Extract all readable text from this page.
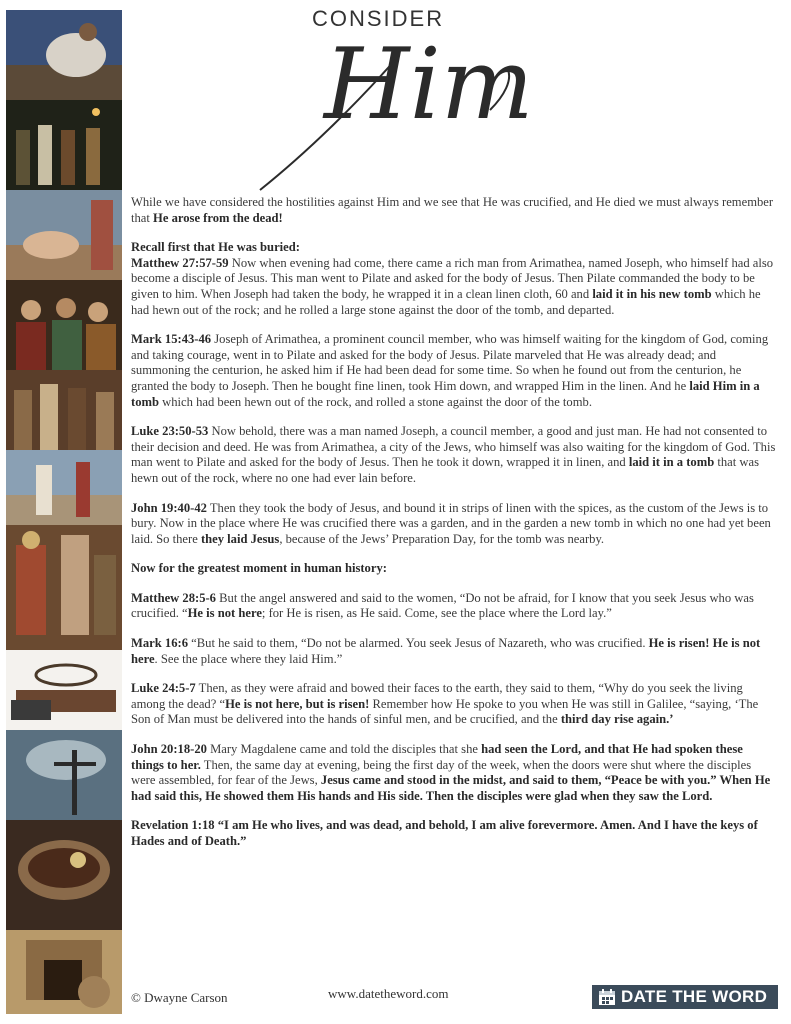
CONSIDER
Him

While we have considered the hostilities against Him and we see that He was crucified, and He died we must always remember that He arose from the dead!

Recall first that He was buried:

Matthew 27:57-59 Now when evening had come, there came a rich man from Arimathea, named Joseph, who himself had also become a disciple of Jesus. This man went to Pilate and asked for the body of Jesus. Then Pilate commanded the body to be given to him. When Joseph had taken the body, he wrapped it in a clean linen cloth, 60 and laid it in his new tomb which he had hewn out of the rock; and he rolled a large stone against the door of the tomb, and departed.

Mark 15:43-46 Joseph of Arimathea, a prominent council member, who was himself waiting for the kingdom of God, coming and taking courage, went in to Pilate and asked for the body of Jesus. Pilate marveled that He was already dead; and summoning the centurion, he asked him if He had been dead for some time. So when he found out from the centurion, he granted the body to Joseph. Then he bought fine linen, took Him down, and wrapped Him in the linen. And he laid Him in a tomb which had been hewn out of the rock, and rolled a stone against the door of the tomb.

Luke 23:50-53 Now behold, there was a man named Joseph, a council member, a good and just man. He had not consented to their decision and deed. He was from Arimathea, a city of the Jews, who himself was also waiting for the kingdom of God. This man went to Pilate and asked for the body of Jesus. Then he took it down, wrapped it in linen, and laid it in a tomb that was hewn out of the rock, where no one had ever lain before.

John 19:40-42 Then they took the body of Jesus, and bound it in strips of linen with the spices, as the custom of the Jews is to bury. Now in the place where He was crucified there was a garden, and in the garden a new tomb in which no one had yet been laid. So there they laid Jesus, because of the Jews’ Preparation Day, for the tomb was nearby.

Now for the greatest moment in human history:

Matthew 28:5-6 But the angel answered and said to the women, “Do not be afraid, for I know that you seek Jesus who was crucified. “He is not here; for He is risen, as He said. Come, see the place where the Lord lay.”

Mark 16:6 “But he said to them, “Do not be alarmed. You seek Jesus of Nazareth, who was crucified. He is risen! He is not here. See the place where they laid Him.”

Luke 24:5-7 Then, as they were afraid and bowed their faces to the earth, they said to them, “Why do you seek the living among the dead? “He is not here, but is risen! Remember how He spoke to you when He was still in Galilee, “saying, ‘The Son of Man must be delivered into the hands of sinful men, and be crucified, and the third day rise again.’

John 20:18-20 Mary Magdalene came and told the disciples that she had seen the Lord, and that He had spoken these things to her. Then, the same day at evening, being the first day of the week, when the doors were shut where the disciples were assembled, for fear of the Jews, Jesus came and stood in the midst, and said to them, “Peace be with you.” When He had said this, He showed them His hands and His side. Then the disciples were glad when they saw the Lord.

Revelation 1:18 “I am He who lives, and was dead, and behold, I am alive forevermore. Amen. And I have the keys of Hades and of Death.”

© Dwayne Carson	www.datetheword.com	DATE THE WORD
